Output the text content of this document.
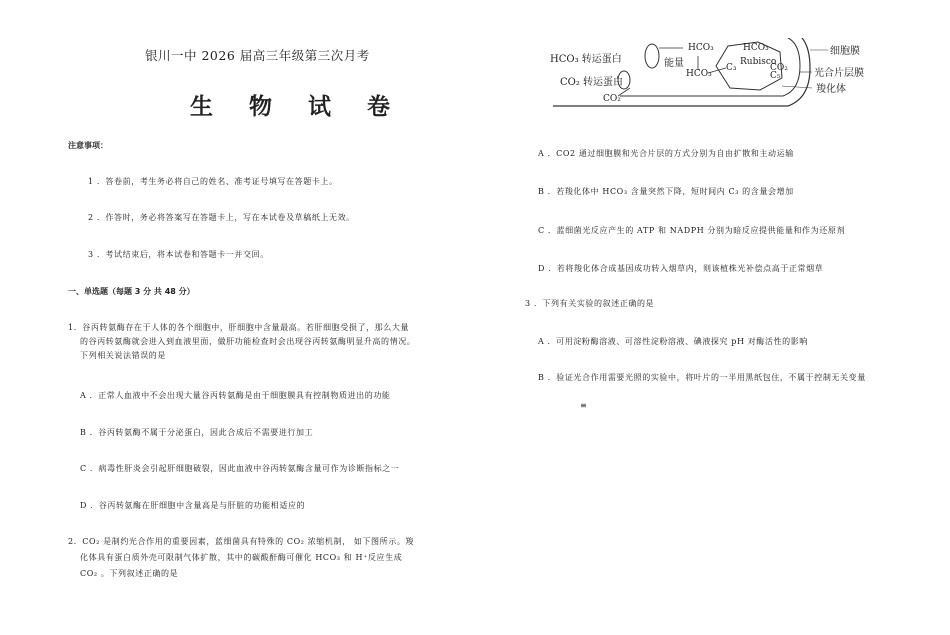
银川一中 2026 届高三年级第三次月考
生 物 试 卷
注意事项：
1 ．答卷前，考生务必将自己的姓名、准考证号填写在答题卡上。
2 ．作答时，务必将答案写在答题卡上，写在本试卷及草稿纸上无效。
3 ．考试结束后，将本试卷和答题卡一并交回。
一、单选题（每题 3 分 共 48 分）
1．谷丙转氨酶存在于人体的各个细胞中，肝细胞中含量最高。若肝细胞受损了，那么大量
的谷丙转氨酶就会进入到血液里面，做肝功能检查时会出现谷丙转氨酶明显升高的情况。
下列相关说法错误的是
A ．正常人血液中不会出现大量谷丙转氨酶是由于细胞膜具有控制物质进出的功能
B ．谷丙转氨酶不属于分泌蛋白，因此合成后不需要进行加工
C ．病毒性肝炎会引起肝细胞破裂，因此血液中谷丙转氨酶含量可作为诊断指标之一
D ．谷丙转氨酶在肝细胞中含量高是与肝脏的功能相适应的
2．CO₂ 是制约光合作用的重要因素，蓝细菌具有特殊的 CO₂ 浓缩机制， 如下图所示。羧
化体具有蛋白质外壳可限制气体扩散，其中的碳酸酐酶可催化 HCO₃ 和 H⁺反应生成
CO₂ 。下列叙述正确的是
HCO₃ 转运蛋白
CO₂ 转运蛋白
CO₂
能量
HCO₃	HCO₃
HCO₃
C₃
Rubisco
CO₂
C₅
细胞膜
光合片层膜
羧化体
A ．CO2 通过细胞膜和光合片层的方式分别为自由扩散和主动运输
B ．若羧化体中 HCO₃ 含量突然下降，短时间内 C₃ 的含量会增加
C ．蓝细菌光反应产生的 ATP 和 NADPH 分别为暗反应提供能量和作为还原剂
D ．若将羧化体合成基因成功转入烟草内，则该植株光补偿点高于正常烟草
3 ．下列有关实验的叙述正确的是
A ．可用淀粉酶溶液、可溶性淀粉溶液、碘液探究 pH 对酶活性的影响
B ．验证光合作用需要光照的实验中，将叶片的一半用黑纸包住，不属于控制无关变量
≡
